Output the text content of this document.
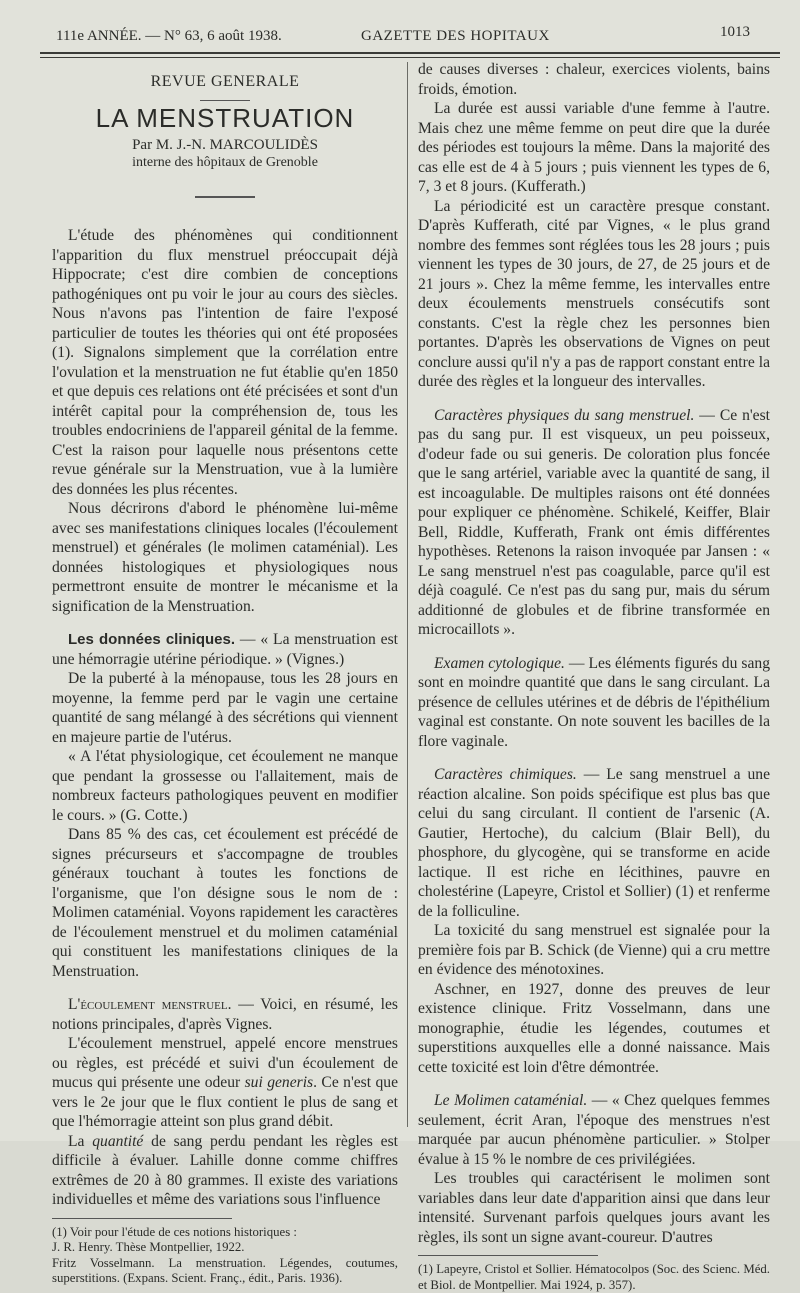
111e ANNÉE. — N° 63, 6 août 1938.	GAZETTE DES HOPITAUX	1013
REVUE GENERALE
LA MENSTRUATION
Par M. J.-N. MARCOULIDÈS
interne des hôpitaux de Grenoble

L'étude des phénomènes qui conditionnent l'apparition du flux menstruel préoccupait déjà Hippocrate; c'est dire combien de conceptions pathogéniques ont pu voir le jour au cours des siècles. Nous n'avons pas l'intention de faire l'exposé particulier de toutes les théories qui ont été proposées (1). Signalons simplement que la corrélation entre l'ovulation et la menstruation ne fut établie qu'en 1850 et que depuis ces relations ont été précisées et sont d'un intérêt capital pour la compréhension de, tous les troubles endocriniens de l'appareil génital de la femme. C'est la raison pour laquelle nous présentons cette revue générale sur la Menstruation, vue à la lumière des données les plus récentes.

Nous décrirons d'abord le phénomène lui-même avec ses manifestations cliniques locales (l'écoulement menstruel) et générales (le molimen cataménial). Les données histologiques et physiologiques nous permettront ensuite de montrer le mécanisme et la signification de la Menstruation.

Les données cliniques. — « La menstruation est une hémorragie utérine périodique. » (Vignes.)

De la puberté à la ménopause, tous les 28 jours en moyenne, la femme perd par le vagin une certaine quantité de sang mélangé à des sécrétions qui viennent en majeure partie de l'utérus.

« A l'état physiologique, cet écoulement ne manque que pendant la grossesse ou l'allaitement, mais de nombreux facteurs pathologiques peuvent en modifier le cours. » (G. Cotte.)

Dans 85 % des cas, cet écoulement est précédé de signes précurseurs et s'accompagne de troubles généraux touchant à toutes les fonctions de l'organisme, que l'on désigne sous le nom de : Molimen cataménial. Voyons rapidement les caractères de l'écoulement menstruel et du molimen cataménial qui constituent les manifestations cliniques de la Menstruation.

L'écoulement menstruel. — Voici, en résumé, les notions principales, d'après Vignes.

L'écoulement menstruel, appelé encore menstrues ou règles, est précédé et suivi d'un écoulement de mucus qui présente une odeur sui generis. Ce n'est que vers le 2e jour que le flux contient le plus de sang et que l'hémorragie atteint son plus grand débit.

La quantité de sang perdu pendant les règles est difficile à évaluer. Lahille donne comme chiffres extrêmes de 20 à 80 grammes. Il existe des variations individuelles et même des variations sous l'influence

(1) Voir pour l'étude de ces notions historiques :

J. R. Henry. Thèse Montpellier, 1922.

Fritz Vosselmann. La menstruation. Légendes, coutumes, superstitions. (Expans. Scient. Franç., édit., Paris. 1936).

de causes diverses : chaleur, exercices violents, bains froids, émotion.

La durée est aussi variable d'une femme à l'autre. Mais chez une même femme on peut dire que la durée des périodes est toujours la même. Dans la majorité des cas elle est de 4 à 5 jours ; puis viennent les types de 6, 7, 3 et 8 jours. (Kufferath.)

La périodicité est un caractère presque constant. D'après Kufferath, cité par Vignes, « le plus grand nombre des femmes sont réglées tous les 28 jours ; puis viennent les types de 30 jours, de 27, de 25 jours et de 21 jours ». Chez la même femme, les intervalles entre deux écoulements menstruels consécutifs sont constants. C'est la règle chez les personnes bien portantes. D'après les observations de Vignes on peut conclure aussi qu'il n'y a pas de rapport constant entre la durée des règles et la longueur des intervalles.

Caractères physiques du sang menstruel. — Ce n'est pas du sang pur. Il est visqueux, un peu poisseux, d'odeur fade ou sui generis. De coloration plus foncée que le sang artériel, variable avec la quantité de sang, il est incoagulable. De multiples raisons ont été données pour expliquer ce phénomène. Schikelé, Keiffer, Blair Bell, Riddle, Kufferath, Frank ont émis différentes hypothèses. Retenons la raison invoquée par Jansen : « Le sang menstruel n'est pas coagulable, parce qu'il est déjà coagulé. Ce n'est pas du sang pur, mais du sérum additionné de globules et de fibrine transformée en microcaillots ».

Examen cytologique. — Les éléments figurés du sang sont en moindre quantité que dans le sang circulant. La présence de cellules utérines et de débris de l'épithélium vaginal est constante. On note souvent les bacilles de la flore vaginale.

Caractères chimiques. — Le sang menstruel a une réaction alcaline. Son poids spécifique est plus bas que celui du sang circulant. Il contient de l'arsenic (A. Gautier, Hertoche), du calcium (Blair Bell), du phosphore, du glycogène, qui se transforme en acide lactique. Il est riche en lécithines, pauvre en cholestérine (Lapeyre, Cristol et Sollier) (1) et renferme de la folliculine.

La toxicité du sang menstruel est signalée pour la première fois par B. Schick (de Vienne) qui a cru mettre en évidence des ménotoxines.

Aschner, en 1927, donne des preuves de leur existence clinique. Fritz Vosselmann, dans une monographie, étudie les légendes, coutumes et superstitions auxquelles elle a donné naissance. Mais cette toxicité est loin d'être démontrée.

Le Molimen cataménial. — « Chez quelques femmes seulement, écrit Aran, l'époque des menstrues n'est marquée par aucun phénomène particulier. » Stolper évalue à 15 % le nombre de ces privilégiées.

Les troubles qui caractérisent le molimen sont variables dans leur date d'apparition ainsi que dans leur intensité. Survenant parfois quelques jours avant les règles, ils sont un signe avant-coureur. D'autres

(1) Lapeyre, Cristol et Sollier. Hématocolpos (Soc. des Scienc. Méd. et Biol. de Montpellier. Mai 1924, p. 357).
